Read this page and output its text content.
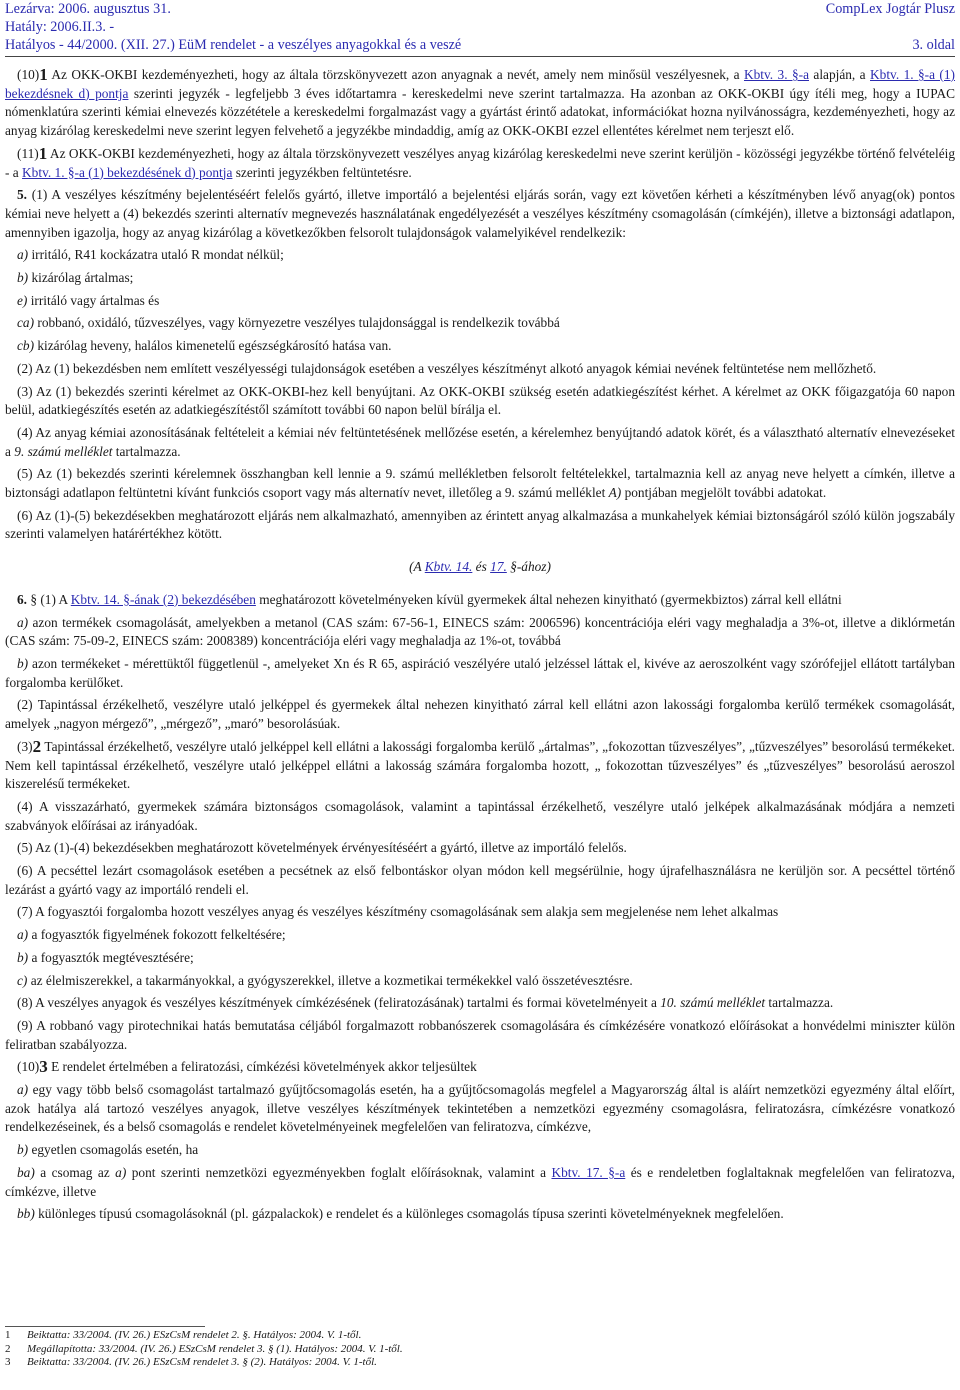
Lezárva: 2006. augusztus 31.	CompLex Jogtár Plusz
Hatály: 2006.II.3. -
Hatályos - 44/2000. (XII. 27.) EüM rendelet - a veszélyes anyagokkal és a veszé	3. oldal

$(10)^1$ Az OKK-OKBI kezdeményezheti, hogy az általa törzskönyvezett azon anyagnak a nevét, amely nem minősül veszélyesnek, a Kbtv. 3. §-a alapján, a Kbtv. 1. §-a (1) bekezdésnek d) pontja szerinti jegyzék - legfeljebb 3 éves időtartamra - kereskedelmi neve szerint tartalmazza. Ha azonban az OKK-OKBI úgy ítéli meg, hogy a IUPAC nómenklatúra szerinti kémiai elnevezés közzététele a kereskedelmi forgalmazást vagy a gyártást érintő adatokat, információkat hozna nyilvánosságra, kezdeményezheti, hogy az anyag kizárólag kereskedelmi neve szerint legyen felvehető a jegyzékbe mindaddig, amíg az OKK-OKBI ezzel ellentétes kérelmet nem terjeszt elő.

$(11)^1$ Az OKK-OKBI kezdeményezheti, hogy az általa törzskönyvezett veszélyes anyag kizárólag kereskedelmi neve szerint kerüljön - közösségi jegyzékbe történő felvételéig - a Kbtv. 1. §-a (1) bekezdésének d) pontja szerinti jegyzékben feltüntetésre.

5. (1) A veszélyes készítmény bejelentéséért felelős gyártó, illetve importáló a bejelentési eljárás során, vagy ezt követően kérheti a készítményben lévő anyag(ok) pontos kémiai neve helyett a (4) bekezdés szerinti alternatív megnevezés használatának engedélyezését a veszélyes készítmény csomagolásán (címkéjén), illetve a biztonsági adatlapon, amennyiben igazolja, hogy az anyag kizárólag a következőkben felsorolt tulajdonságok valamelyikével rendelkezik:

a) irritáló, R41 kockázatra utaló R mondat nélkül;

b) kizárólag ártalmas;

e) irritáló vagy ártalmas és

ca) robbanó, oxidáló, tűzveszélyes, vagy környezetre veszélyes tulajdonsággal is rendelkezik továbbá

cb) kizárólag heveny, halálos kimenetelű egészségkárosító hatása van.

(2) Az (1) bekezdésben nem említett veszélyességi tulajdonságok esetében a veszélyes készítményt alkotó anyagok kémiai nevének feltüntetése nem mellőzhető.

(3) Az (1) bekezdés szerinti kérelmet az OKK-OKBI-hez kell benyújtani. Az OKK-OKBI szükség esetén adatkiegészítést kérhet. A kérelmet az OKK főigazgatója 60 napon belül, adatkiegészítés esetén az adatkiegészítéstől számított további 60 napon belül bírálja el.

(4) Az anyag kémiai azonosításának feltételeit a kémiai név feltüntetésének mellőzése esetén, a kérelemhez benyújtandó adatok körét, és a választható alternatív elnevezéseket a 9. számú melléklet tartalmazza.

(5) Az (1) bekezdés szerinti kérelemnek összhangban kell lennie a 9. számú mellékletben felsorolt feltételekkel, tartalmaznia kell az anyag neve helyett a címkén, illetve a biztonsági adatlapon feltüntetni kívánt funkciós csoport vagy más alternatív nevet, illetőleg a 9. számú melléklet A) pontjában megjelölt további adatokat.

(6) Az (1)-(5) bekezdésekben meghatározott eljárás nem alkalmazható, amennyiben az érintett anyag alkalmazása a munkahelyek kémiai biztonságáról szóló külön jogszabály szerinti valamelyen határértékhez kötött.

(A Kbtv. 14. és 17. §-ához)

6. § (1) A Kbtv. 14. §-ának (2) bekezdésében meghatározott követelményeken kívül gyermekek által nehezen kinyitható (gyermekbiztos) zárral kell ellátni

a) azon termékek csomagolását, amelyekben a metanol (CAS szám: 67-56-1, EINECS szám: 2006596) koncentrációja eléri vagy meghaladja a 3%-ot, illetve a diklórmetán (CAS szám: 75-09-2, EINECS szám: 2008389) koncentrációja eléri vagy meghaladja az 1%-ot, továbbá

b) azon termékeket - mérettüktől függetlenül -, amelyeket Xn és R 65, aspiráció veszélyére utaló jelzéssel láttak el, kivéve az aeroszolként vagy szórófejjel ellátott tartályban forgalomba kerülőket.

(2) Tapintással érzékelhető, veszélyre utaló jelképpel és gyermekek által nehezen kinyitható zárral kell ellátni azon lakossági forgalomba kerülő termékek csomagolását, amelyek „nagyon mérgező”, „mérgező”, „maró” besorolásúak.

$(3)^2$ Tapintással érzékelhető, veszélyre utaló jelképpel kell ellátni a lakossági forgalomba kerülő „ártalmas”, „fokozottan tűzveszélyes”, „tűzveszélyes” besorolású termékeket. Nem kell tapintással érzékelhető, veszélyre utaló jelképpel ellátni a lakosság számára forgalomba hozott, „ fokozottan tűzveszélyes” és „tűzveszélyes” besorolású aeroszol kiszerelésű termékeket.

(4) A visszazárható, gyermekek számára biztonságos csomagolások, valamint a tapintással érzékelhető, veszélyre utaló jelképek alkalmazásának módjára a nemzeti szabványok előírásai az irányadóak.

(5) Az (1)-(4) bekezdésekben meghatározott követelmények érvényesítéséért a gyártó, illetve az importáló felelős.

(6) A pecséttel lezárt csomagolások esetében a pecsétnek az első felbontáskor olyan módon kell megsérülnie, hogy újrafelhasználásra ne kerüljön sor. A pecséttel történő lezárást a gyártó vagy az importáló rendeli el.

(7) A fogyasztói forgalomba hozott veszélyes anyag és veszélyes készítmény csomagolásának sem alakja sem megjelenése nem lehet alkalmas

a) a fogyasztók figyelmének fokozott felkeltésére;

b) a fogyasztók megtévesztésére;

c) az élelmiszerekkel, a takarmányokkal, a gyógyszerekkel, illetve a kozmetikai termékekkel való összetévesztésre.

(8) A veszélyes anyagok és veszélyes készítmények címkézésének (feliratozásának) tartalmi és formai követelményeit a 10. számú melléklet tartalmazza.

(9) A robbanó vagy pirotechnikai hatás bemutatása céljából forgalmazott robbanószerek csomagolására és címkézésére vonatkozó előírásokat a honvédelmi miniszter külön feliratban szabályozza.

$(10)^3$ E rendelet értelmében a feliratozási, címkézési követelmények akkor teljesültek

a) egy vagy több belső csomagolást tartalmazó gyűjtőcsomagolás esetén, ha a gyűjtőcsomagolás megfelel a Magyarország által is aláírt nemzetközi egyezmény által előírt, azok hatálya alá tartozó veszélyes anyagok, illetve veszélyes készítmények tekintetében a nemzetközi egyezmény csomagolásra, feliratozásra, címkézésre vonatkozó rendelkezéseinek, és a belső csomagolás e rendelet követelményeinek megfelelően van feliratozva, címkézve,

b) egyetlen csomagolás esetén, ha

ba) a csomag az a) pont szerinti nemzetközi egyezményekben foglalt előírásoknak, valamint a Kbtv. 17. §-a és e rendeletben foglaltaknak megfelelően van feliratozva, címkézve, illetve

bb) különleges típusú csomagolásoknál (pl. gázpalackok) e rendelet és a különleges csomagolás típusa szerinti követelményeknek megfelelően.

1 Beiktatta: 33/2004. (IV. 26.) ESzCsM rendelet 2. §. Hatályos: 2004. V. 1-től.
2 Megállapította: 33/2004. (IV. 26.) ESzCsM rendelet 3. § (1). Hatályos: 2004. V. 1-től.
3 Beiktatta: 33/2004. (IV. 26.) ESzCsM rendelet 3. § (2). Hatályos: 2004. V. 1-től.
